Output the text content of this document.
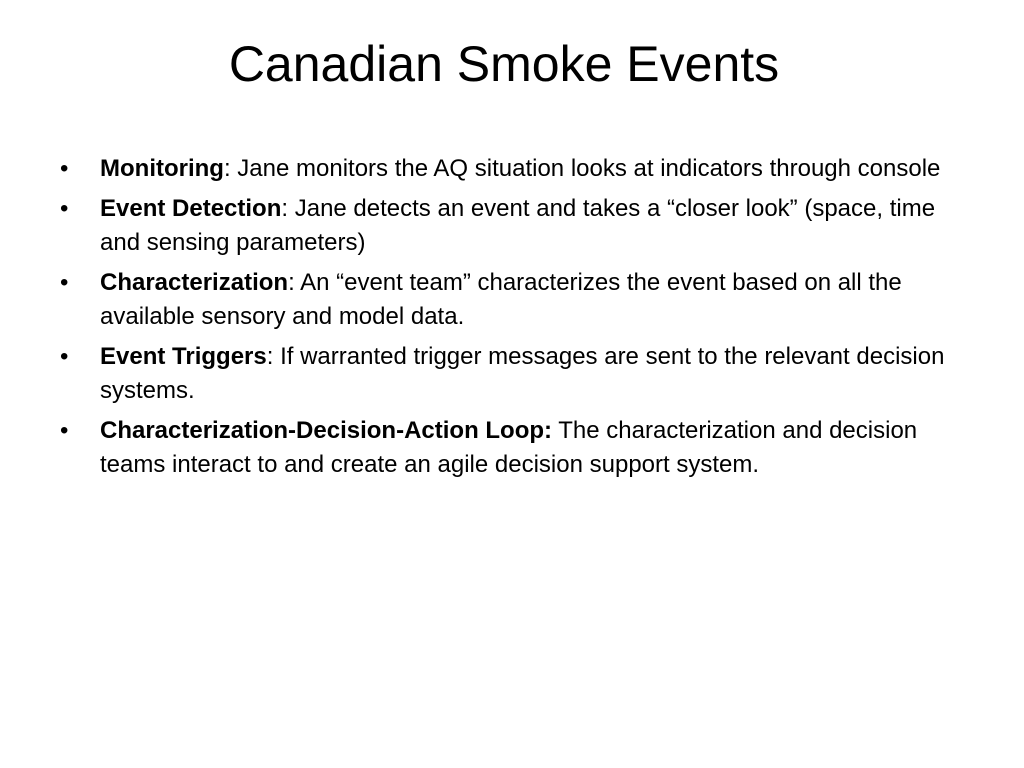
Canadian Smoke Events
•	Monitoring: Jane monitors the AQ situation looks at indicators through console
•	Event Detection: Jane detects an event and takes a “closer look” (space, time and sensing parameters)
•	Characterization: An “event team” characterizes the event based on all the available sensory and model data.
•	Event Triggers: If warranted trigger messages are sent to the relevant decision systems.
•	Characterization-Decision-Action Loop: The characterization and decision teams interact to and create an agile decision support system.
